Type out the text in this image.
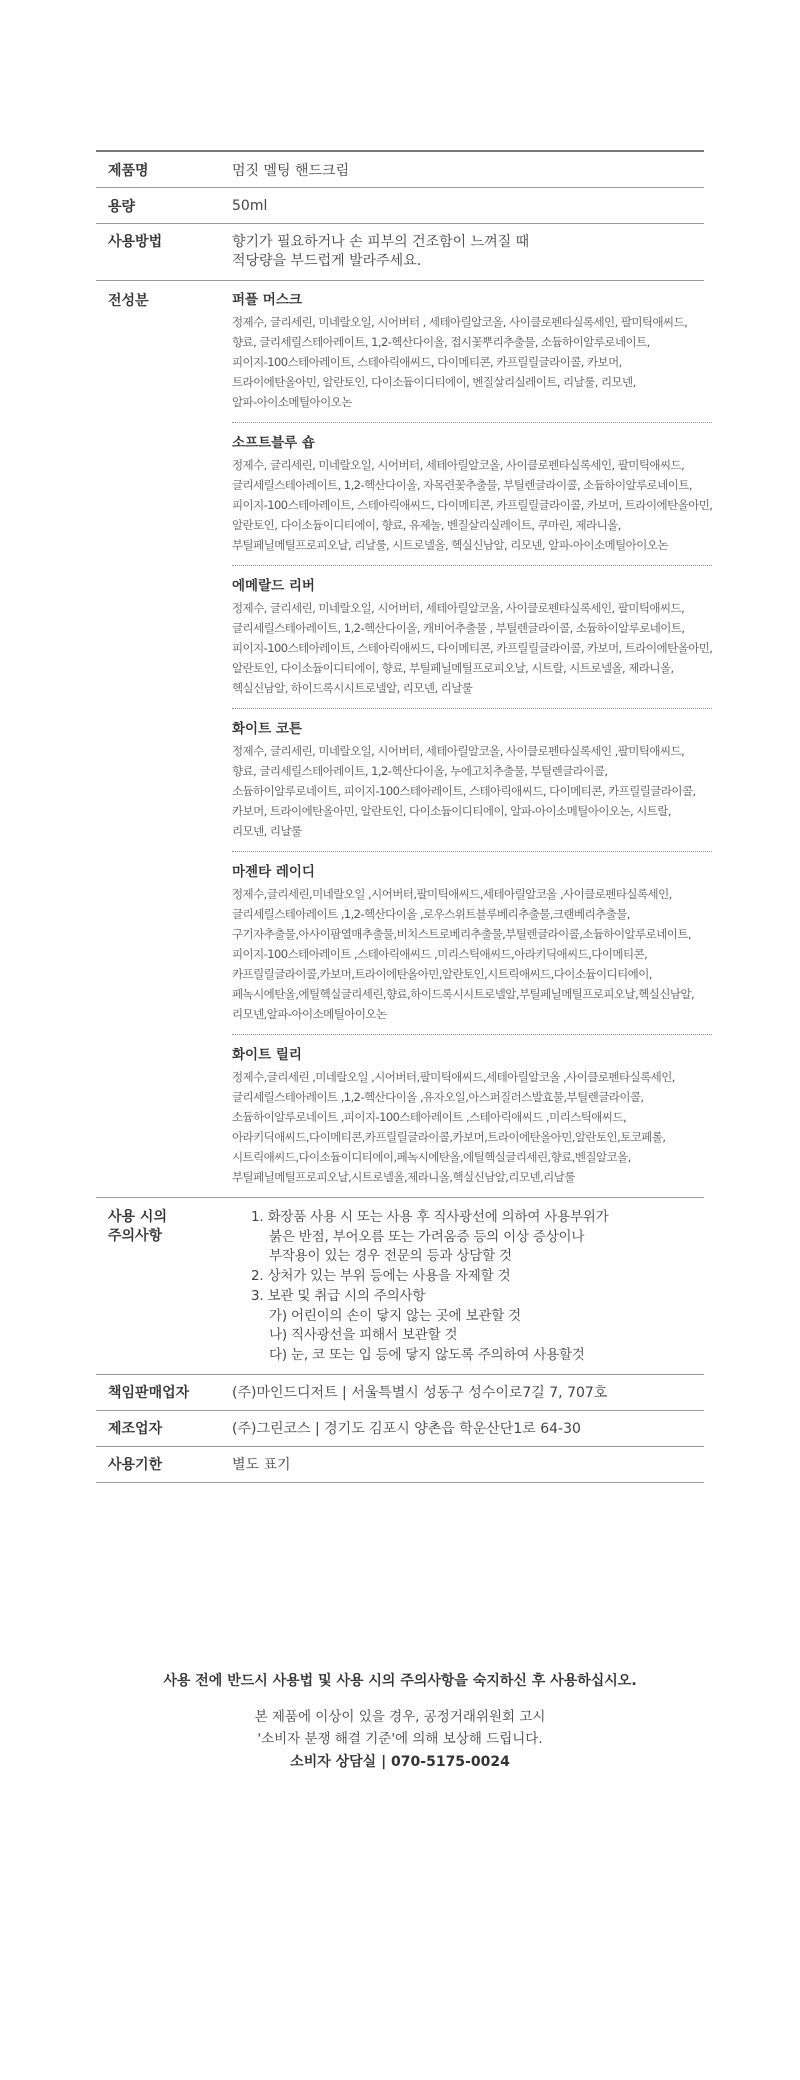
제품명	멈짓 멜팅 핸드크림
용량	50ml
사용방법	향기가 필요하거나 손 피부의 건조함이 느껴질 때
적당량을 부드럽게 발라주세요.
전성분	퍼플 머스크
정제수, 글리세린, 미네랄오일, 시어버터 , 세테아릴알코올, 사이클로펜타실록세인, 팔미틱애씨드,
향료, 글리세릴스테아레이트, 1,2-헥산다이올, 접시꽃뿌리추출물, 소듐하이알루로네이트,
피이지-100스테아레이트, 스테아릭애씨드, 다이메티콘, 카프릴릴글라이콜, 카보머,
트라이에탄올아민, 알란토인, 다이소듐이디티에이, 벤질살리실레이트, 리날룰, 리모넨,
알파-아이소메틸아이오논
소프트블루 숍
정제수, 글리세린, 미네랄오일, 시어버터, 세테아릴알코올, 사이클로펜타실록세인, 팔미틱애씨드,
글리세릴스테아레이트, 1,2-헥산다이올, 자목련꽃추출물, 부틸렌글라이콜, 소듐하이알루로네이트,
피이지-100스테아레이트, 스테아릭애씨드, 다이메티콘, 카프릴릴글라이콜, 카보머, 트라이에탄올아민,
알란토인, 다이소듐이디티에이, 향료, 유제놀, 벤질살리실레이트, 쿠마린, 제라니올,
부틸페닐메틸프로피오날, 리날룰, 시트로넬올, 헥실신남알, 리모넨, 알파-아이소메틸아이오논
에메랄드 리버
정제수, 글리세린, 미네랄오일, 시어버터, 세테아릴알코올, 사이클로펜타실록세인, 팔미틱애씨드,
글리세릴스테아레이트, 1,2-헥산다이올, 캐비어추출물 , 부틸렌글라이콜, 소듐하이알루로네이트,
피이지-100스테아레이트, 스테아릭애씨드, 다이메티콘, 카프릴릴글라이콜, 카보머, 트라이에탄올아민,
알란토인, 다이소듐이디티에이, 향료, 부틸페닐메틸프로피오날, 시트랄, 시트로넬올, 제라니올,
헥실신남알, 하이드록시시트로넬알, 리모넨, 리날룰
화이트 코튼
정제수, 글리세린, 미네랄오일, 시어버터, 세테아릴알코올, 사이클로펜타실록세인 ,팔미틱애씨드,
향료, 글리세릴스테아레이트, 1,2-헥산다이올, 누에고치추출물, 부틸렌글라이콜,
소듐하이알루로네이트, 피이지-100스테아레이트, 스테아릭애씨드, 다이메티콘, 카프릴릴글라이콜,
카보머, 트라이에탄올아민, 알란토인, 다이소듐이디티에이, 알파-아이소메틸아이오논, 시트랄,
리모넨, 리날룰
마젠타 레이디
정제수,글리세린,미네랄오일 ,시어버터,팔미틱애씨드,세테아릴알코올 ,사이클로펜타실록세인,
글리세릴스테아레이트 ,1,2-헥산다이올 ,로우스위트블루베리추출물,크랜베리추출물,
구기자추출물,아사이팜열매추출물,비치스트로베리추출물,부틸렌글라이콜,소듐하이알루로네이트,
피이지-100스테아레이트 ,스테아릭애씨드 ,미리스틱애씨드,아라키딕애씨드,다이메티콘,
카프릴릴글라이콜,카보머,트라이에탄올아민,알란토인,시트릭애씨드,다이소듐이디티에이,
페녹시에탄올,에틸헥실글리세린,향료,하이드록시시트로넬알,부틸페닐메틸프로피오날,헥실신남알,
리모넨,알파-아이소메틸아이오논
화이트 릴리
정제수,글리세린 ,미네랄오일 ,시어버터,팔미틱애씨드,세테아릴알코올 ,사이클로펜타실록세인,
글리세릴스테아레이트 ,1,2-헥산다이올 ,유자오일,아스퍼질러스발효물,부틸렌글라이콜,
소듐하이알루로네이트 ,피이지-100스테아레이트 ,스테아릭애씨드 ,미리스틱애씨드,
아라키딕애씨드,다이메티콘,카프릴릴글라이콜,카보머,트라이에탄올아민,알란토인,토코페롤,
시트릭애씨드,다이소듐이디티에이,페녹시에탄올,에틸헥실글리세린,향료,벤질알코올,
부틸페닐메틸프로피오날,시트로넬올,제라니올,헥실신남알,리모넨,리날룰
사용 시의
주의사항
1. 화장품 사용 시 또는 사용 후 직사광선에 의하여 사용부위가
붉은 반점, 부어오름 또는 가려움증 등의 이상 증상이나
부작용이 있는 경우 전문의 등과 상담할 것
2. 상처가 있는 부위 등에는 사용을 자제할 것
3. 보관 및 취급 시의 주의사항
가) 어린이의 손이 닿지 않는 곳에 보관할 것
나) 직사광선을 피해서 보관할 것
다) 눈, 코 또는 입 등에 닿지 않도록 주의하여 사용할것
책임판매업자	(주)마인드디저트 | 서울특별시 성동구 성수이로7길 7, 707호
제조업자	(주)그린코스 | 경기도 김포시 양촌읍 학운산단1로 64-30
사용기한	별도 표기
사용 전에 반드시 사용법 및 사용 시의 주의사항을 숙지하신 후 사용하십시오.
본 제품에 이상이 있을 경우, 공정거래위원회 고시
'소비자 분쟁 해결 기준'에 의해 보상해 드립니다.
소비자 상담실 | 070-5175-0024
